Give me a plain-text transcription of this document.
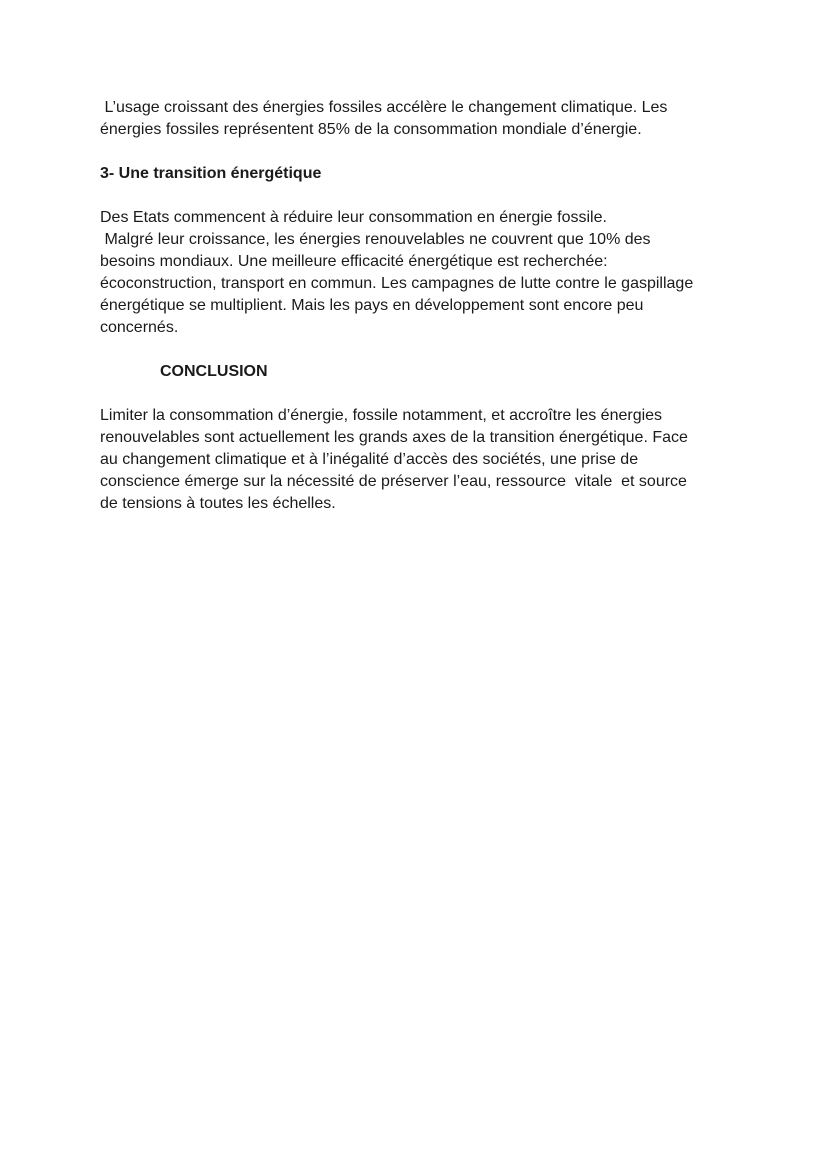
L’usage croissant des énergies fossiles accélère le changement climatique. Les
énergies fossiles représentent 85% de la consommation mondiale d’énergie.
3- Une transition énergétique
Des Etats commencent à réduire leur consommation en énergie fossile.
Malgré leur croissance, les énergies renouvelables ne couvrent que 10% des
besoins mondiaux. Une meilleure efficacité énergétique est recherchée:
écoconstruction, transport en commun. Les campagnes de lutte contre le gaspillage
énergétique se multiplient. Mais les pays en développement sont encore peu
concernés.
CONCLUSION
Limiter la consommation d’énergie, fossile notamment, et accroître les énergies
renouvelables sont actuellement les grands axes de la transition énergétique. Face
au changement climatique et à l’inégalité d’accès des sociétés, une prise de
conscience émerge sur la nécessité de préserver l’eau, ressource  vitale  et source
de tensions à toutes les échelles.
